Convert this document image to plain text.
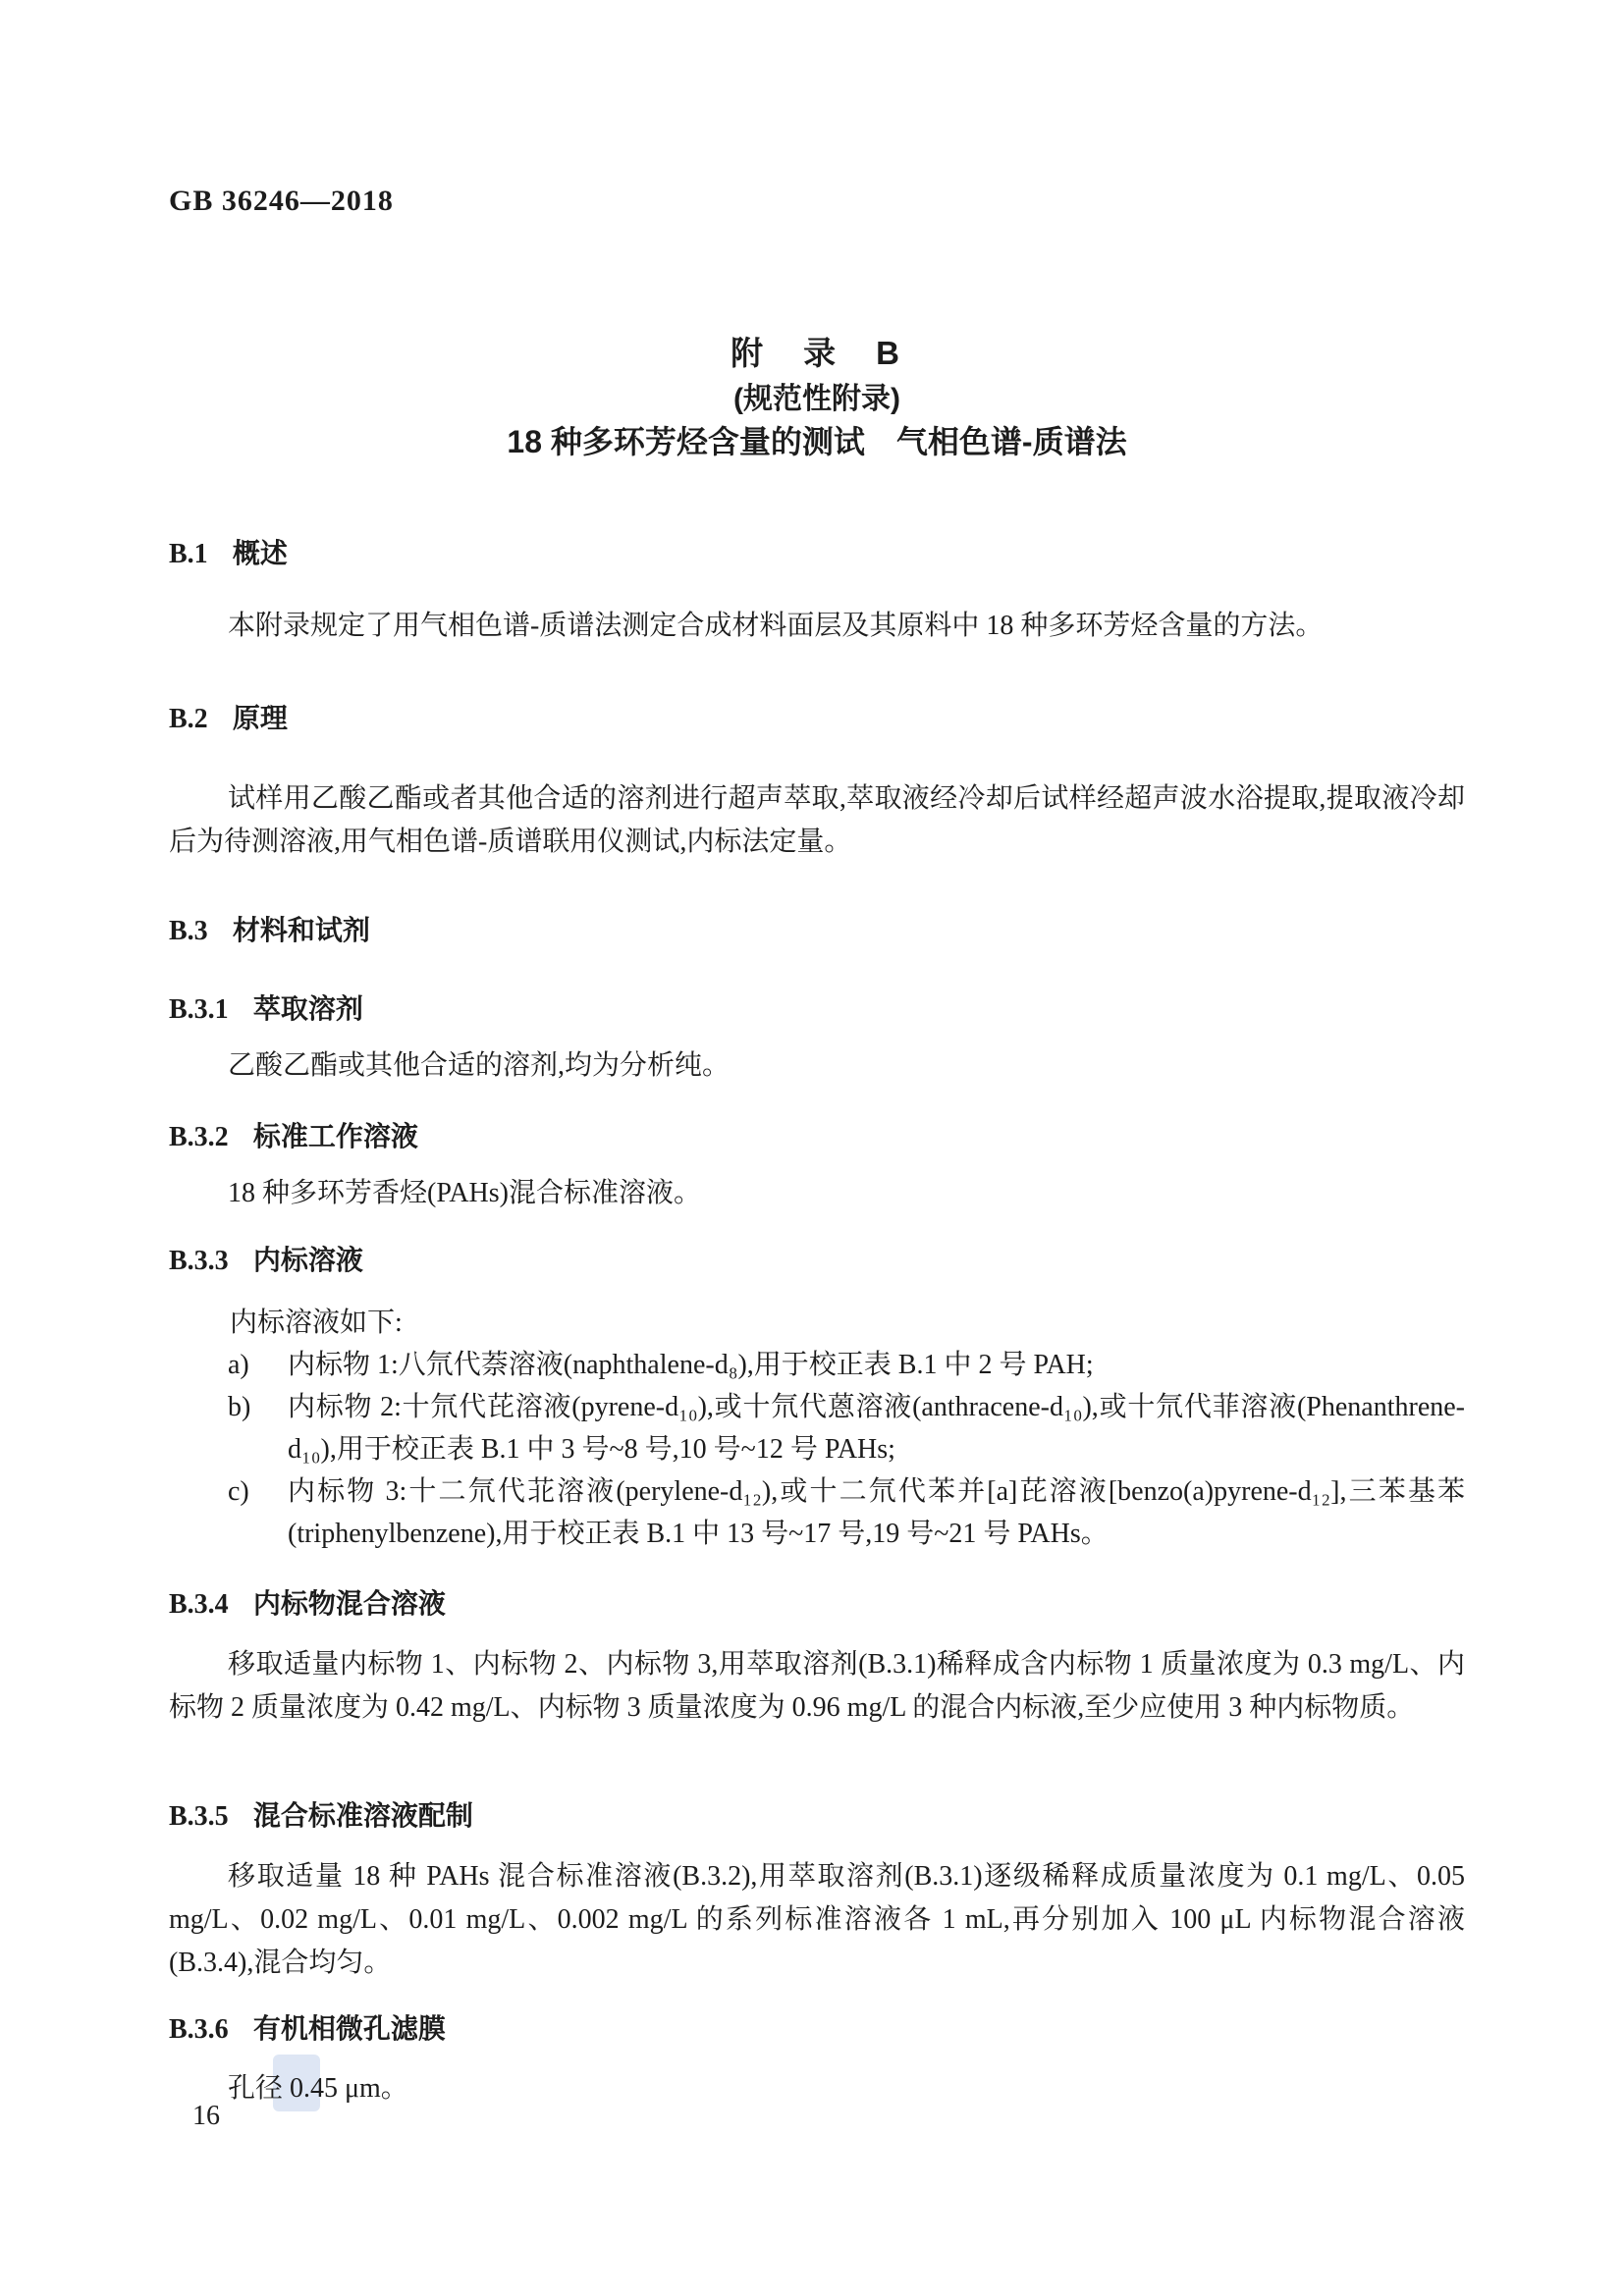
GB 36246—2018
附　录　B
(规范性附录)
18 种多环芳烃含量的测试　气相色谱-质谱法
B.1 概述
本附录规定了用气相色谱-质谱法测定合成材料面层及其原料中 18 种多环芳烃含量的方法。
B.2 原理
试样用乙酸乙酯或者其他合适的溶剂进行超声萃取,萃取液经冷却后试样经超声波水浴提取,提取液冷却后为待测溶液,用气相色谱-质谱联用仪测试,内标法定量。
B.3 材料和试剂
B.3.1 萃取溶剂
乙酸乙酯或其他合适的溶剂,均为分析纯。
B.3.2 标准工作溶液
18 种多环芳香烃(PAHs)混合标准溶液。
B.3.3 内标溶液
内标溶液如下:
a) 内标物 1:八氘代萘溶液(naphthalene-d₈),用于校正表 B.1 中 2 号 PAH;
b) 内标物 2:十氘代芘溶液(pyrene-d₁₀),或十氘代蒽溶液(anthracene-d₁₀),或十氘代菲溶液(Phenanthrene-d₁₀),用于校正表 B.1 中 3 号~8 号,10 号~12 号 PAHs;
c) 内标物 3:十二氘代苝溶液(perylene-d₁₂),或十二氘代苯并[a]芘溶液[benzo(a)pyrene-d₁₂],三苯基苯(triphenylbenzene),用于校正表 B.1 中 13 号~17 号,19 号~21 号 PAHs。
B.3.4 内标物混合溶液
移取适量内标物 1、内标物 2、内标物 3,用萃取溶剂(B.3.1)稀释成含内标物 1 质量浓度为 0.3 mg/L、内标物 2 质量浓度为 0.42 mg/L、内标物 3 质量浓度为 0.96 mg/L 的混合内标液,至少应使用 3 种内标物质。
B.3.5 混合标准溶液配制
移取适量 18 种 PAHs 混合标准溶液(B.3.2),用萃取溶剂(B.3.1)逐级稀释成质量浓度为 0.1 mg/L、0.05 mg/L、0.02 mg/L、0.01 mg/L、0.002 mg/L 的系列标准溶液各 1 mL,再分别加入 100 μL 内标物混合溶液(B.3.4),混合均匀。
B.3.6 有机相微孔滤膜
孔径 0.45 μm。
16
